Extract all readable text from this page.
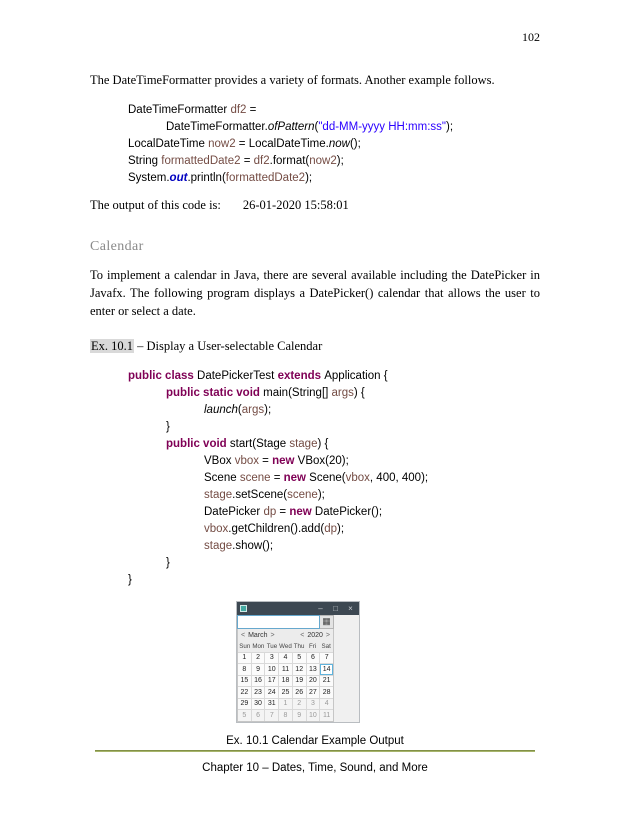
102

The DateTimeFormatter provides a variety of formats. Another example follows.

DateTimeFormatter df2 =
DateTimeFormatter.ofPattern("dd-MM-yyyy HH:mm:ss");
LocalDateTime now2 = LocalDateTime.now();
String formattedDate2 = df2.format(now2);
System.out.println(formattedDate2);

The output of this code is: 26-01-2020 15:58:01

Calendar

To implement a calendar in Java, there are several available including the DatePicker in Javafx. The following program displays a DatePicker() calendar that allows the user to enter or select a date.

Ex. 10.1 – Display a User-selectable Calendar

public class DatePickerTest extends Application {
public static void main(String[] args) {
launch(args);
}
public void start(Stage stage) {
VBox vbox = new VBox(20);
Scene scene = new Scene(vbox, 400, 400);
stage.setScene(scene);
DatePicker dp = new DatePicker();
vbox.getChildren().add(dp);
stage.show();
}
}
–	□	×
▦
< March >	< 2020 >
Sun Mon Tue Wed Thu Fri Sat
1	2	3	4	5	6	7
8	9	10 11 12 13 14
15 16 17 18 19 20 21
22 23 24 25 26 27 28
29 30 31	1	2	3	4
5	6	7	8	9	10 11
Ex. 10.1 Calendar Example Output
Chapter 10 – Dates, Time, Sound, and More
